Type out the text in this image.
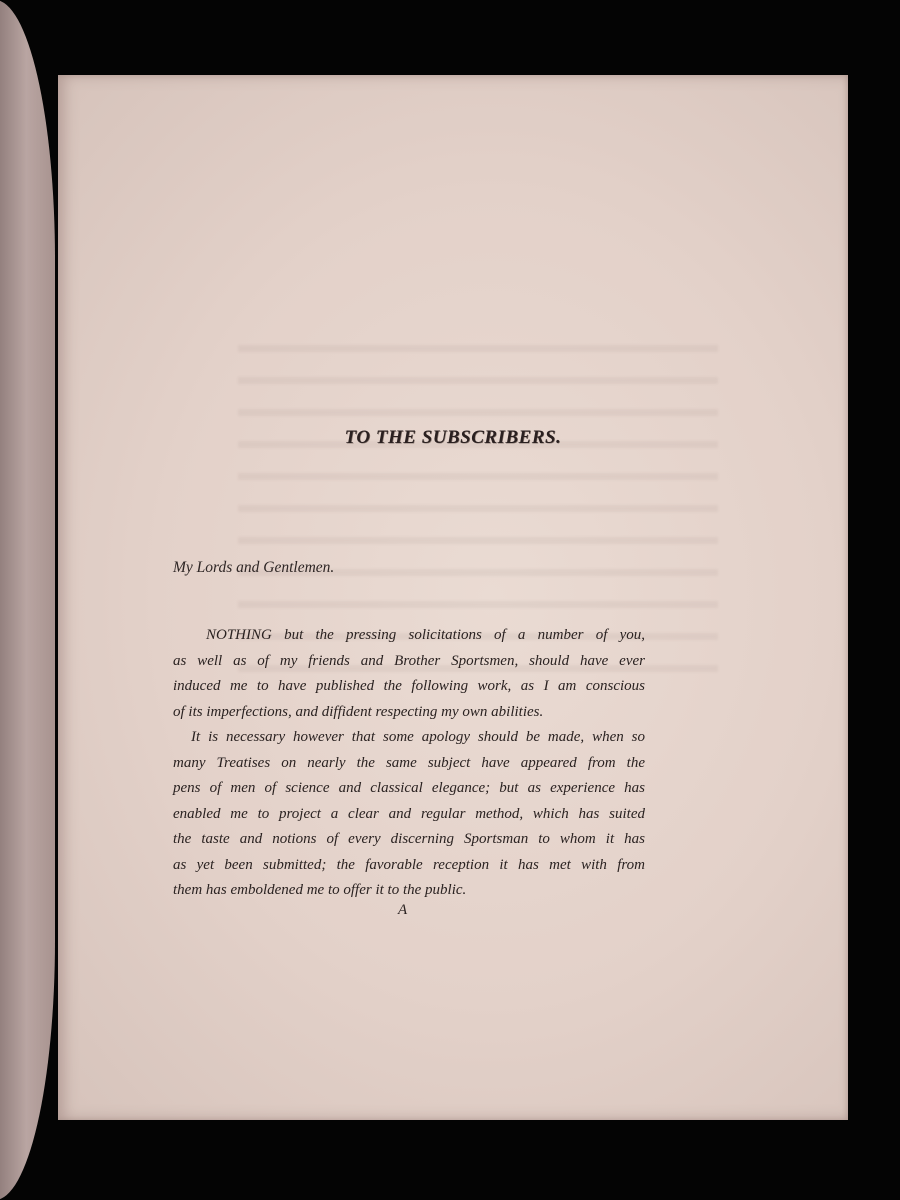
TO THE SUBSCRIBERS.
My Lords and Gentlemen.
NOTHING but the pressing solicitations of a number of you,
as well as of my friends and Brother Sportsmen, should have ever
induced me to have published the following work, as I am conscious
of its imperfections, and diffident respecting my own abilities.
It is necessary however that some apology should be made, when so
many Treatises on nearly the same subject have appeared from the
pens of men of science and classical elegance; but as experience has
enabled me to project a clear and regular method, which has suited
the taste and notions of every discerning Sportsman to whom it has
as yet been submitted; the favorable reception it has met with from
them has emboldened me to offer it to the public.
A
